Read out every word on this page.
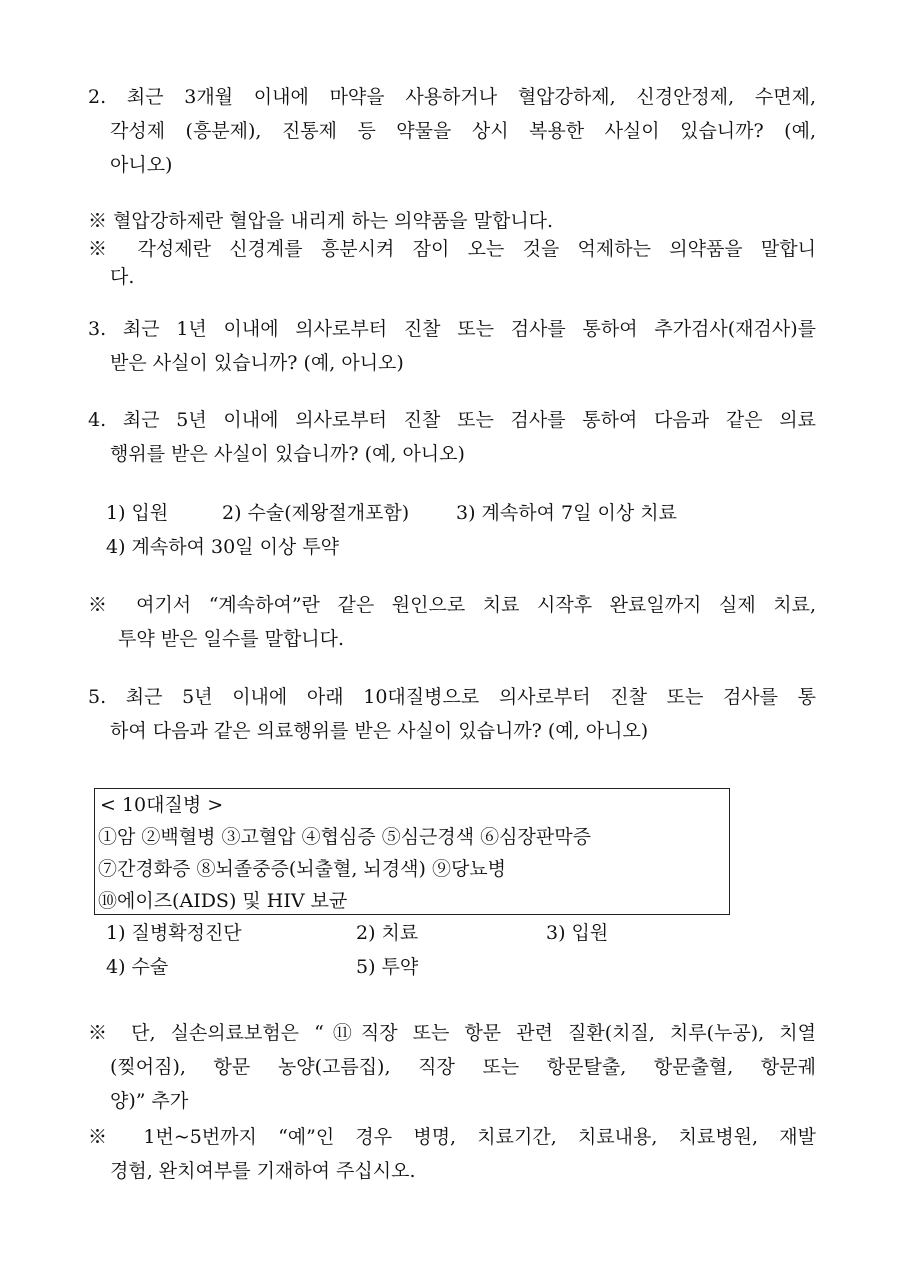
2. 최근 3개월 이내에 마약을 사용하거나 혈압강하제, 신경안정제, 수면제,
각성제 (흥분제), 진통제 등 약물을 상시 복용한 사실이 있습니까? (예,
아니오)
※ 혈압강하제란 혈압을 내리게 하는 의약품을 말합니다.
※ 각성제란 신경계를 흥분시켜 잠이 오는 것을 억제하는 의약품을 말합니
다.
3. 최근 1년 이내에 의사로부터 진찰 또는 검사를 통하여 추가검사(재검사)를
받은 사실이 있습니까? (예, 아니오)
4. 최근 5년 이내에 의사로부터 진찰 또는 검사를 통하여 다음과 같은 의료
행위를 받은 사실이 있습니까? (예, 아니오)
1) 입원	2) 수술(제왕절개포함) 3) 계속하여 7일 이상 치료
4) 계속하여 30일 이상 투약
※ 여기서 “계속하여”란 같은 원인으로 치료 시작후 완료일까지 실제 치료,
투약 받은 일수를 말합니다.
5. 최근 5년 이내에 아래 10대질병으로 의사로부터 진찰 또는 검사를 통
하여 다음과 같은 의료행위를 받은 사실이 있습니까? (예, 아니오)
< 10대질병 >
①암 ②백혈병 ③고혈압 ④협심증 ⑤심근경색 ⑥심장판막증
⑦간경화증 ⑧뇌졸중증(뇌출혈, 뇌경색) ⑨당뇨병
⑩에이즈(AIDS) 및 HIV 보균
1) 질병확정진단	2) 치료	3) 입원
4) 수술	5) 투약
※ 단, 실손의료보험은 “⑪직장 또는 항문 관련 질환(치질, 치루(누공), 치열
(찢어짐), 항문 농양(고름집), 직장 또는 항문탈출, 항문출혈, 항문궤
양)” 추가
※ 1번~5번까지 “예”인 경우 병명, 치료기간, 치료내용, 치료병원, 재발
경험, 완치여부를 기재하여 주십시오.
